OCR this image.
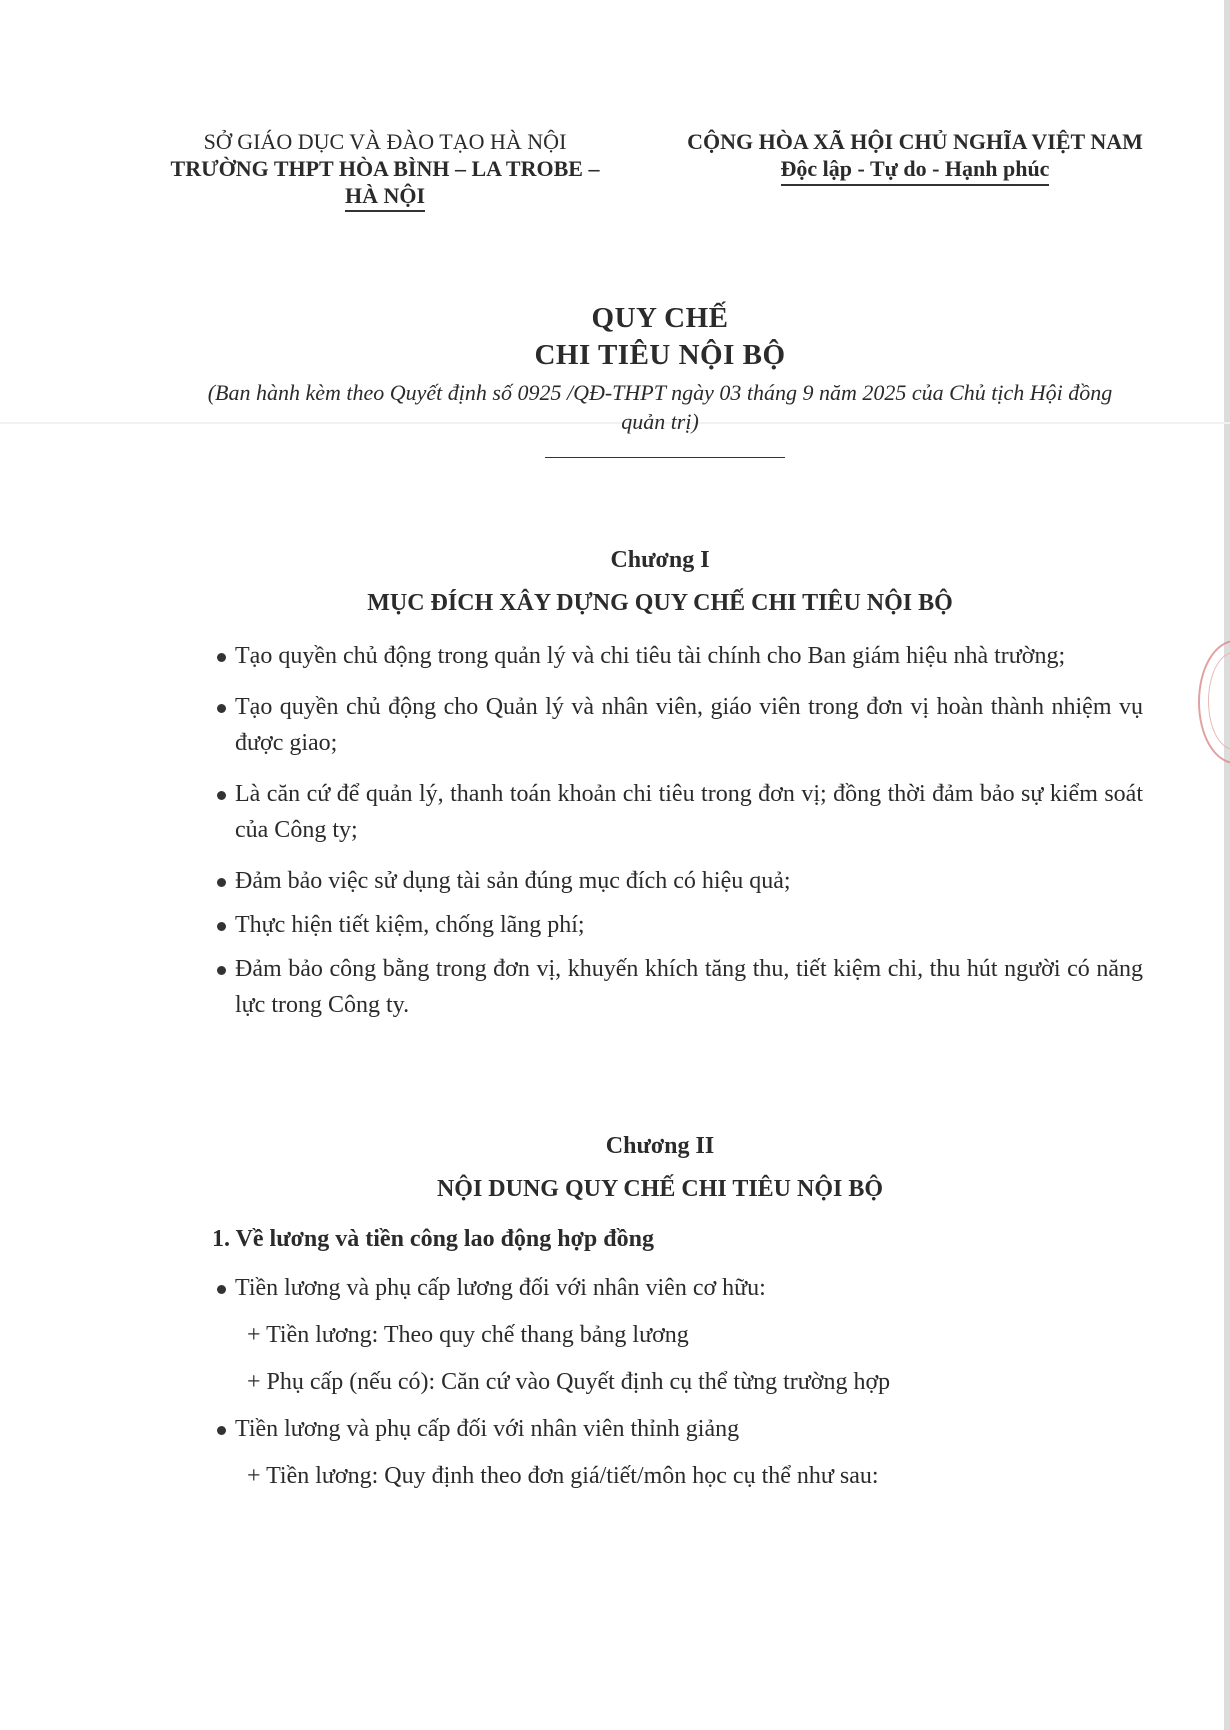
SỞ GIÁO DỤC VÀ ĐÀO TẠO HÀ NỘI
TRƯỜNG THPT HÒA BÌNH – LA TROBE –
HÀ NỘI
CỘNG HÒA XÃ HỘI CHỦ NGHĨA VIỆT NAM
Độc lập - Tự do - Hạnh phúc
QUY CHẾ
CHI TIÊU NỘI BỘ
(Ban hành kèm theo Quyết định số 0925 /QĐ-THPT ngày 03 tháng 9 năm 2025 của Chủ tịch Hội đồng quản trị)
Chương I
MỤC ĐÍCH XÂY DỰNG QUY CHẾ CHI TIÊU NỘI BỘ
Tạo quyền chủ động trong quản lý và chi tiêu tài chính cho Ban giám hiệu nhà trường;
Tạo quyền chủ động cho Quản lý và nhân viên, giáo viên trong đơn vị hoàn thành nhiệm vụ được giao;
Là căn cứ để quản lý, thanh toán khoản chi tiêu trong đơn vị; đồng thời đảm bảo sự kiểm soát của Công ty;
Đảm bảo việc sử dụng tài sản đúng mục đích có hiệu quả;
Thực hiện tiết kiệm, chống lãng phí;
Đảm bảo công bằng trong đơn vị, khuyến khích tăng thu, tiết kiệm chi, thu hút người có năng lực trong Công ty.
Chương II
NỘI DUNG QUY CHẾ CHI TIÊU NỘI BỘ
1. Về lương và tiền công lao động hợp đồng
Tiền lương và phụ cấp lương đối với nhân viên cơ hữu:
+ Tiền lương: Theo quy chế thang bảng lương
+ Phụ cấp (nếu có): Căn cứ vào Quyết định cụ thể từng trường hợp
Tiền lương và phụ cấp đối với nhân viên thỉnh giảng
+ Tiền lương: Quy định theo đơn giá/tiết/môn học cụ thể như sau:
